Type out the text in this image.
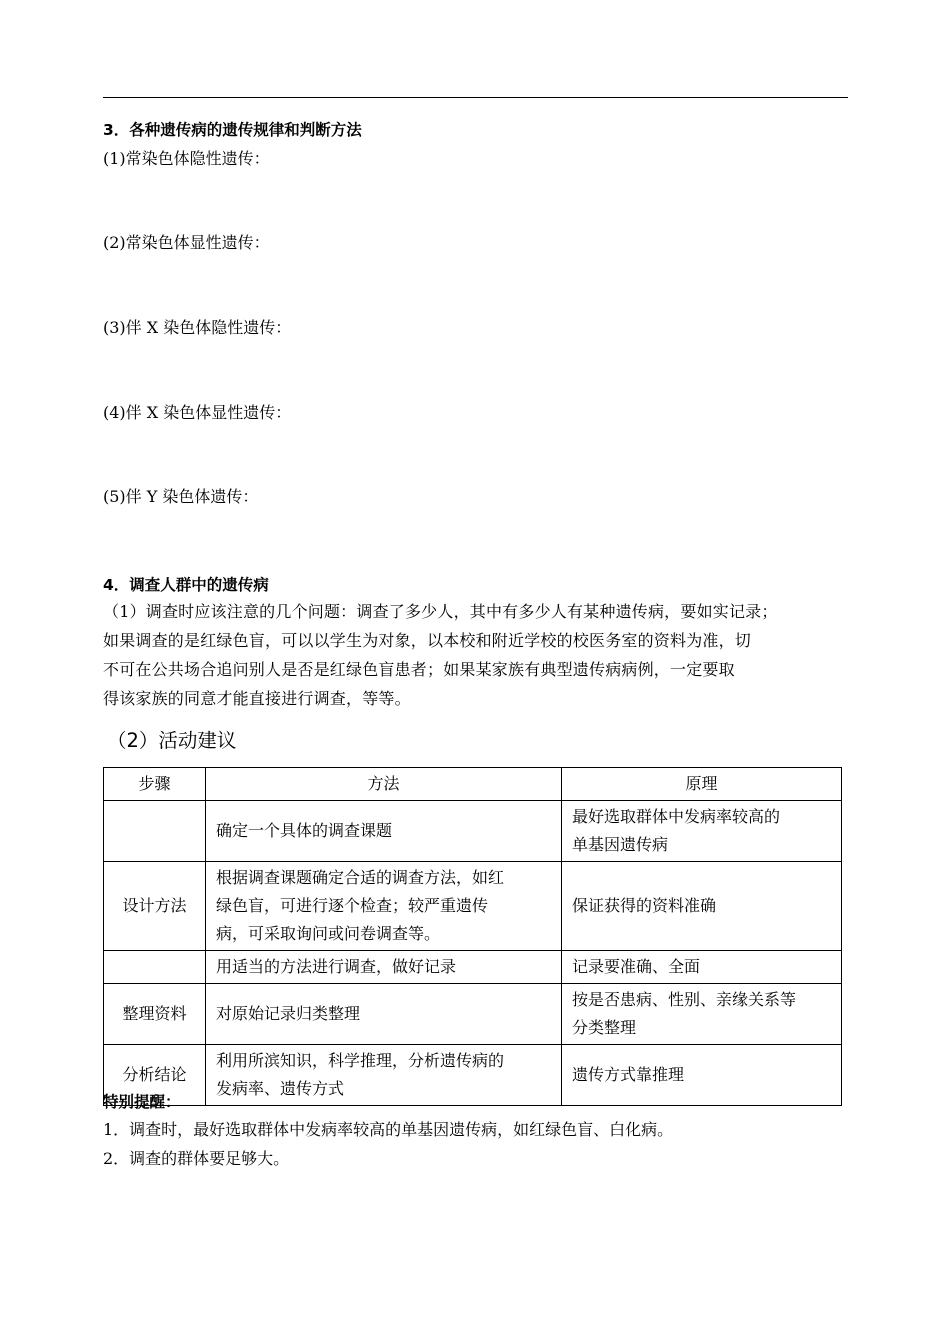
3．各种遗传病的遗传规律和判断方法
(1)常染色体隐性遗传：
(2)常染色体显性遗传：
(3)伴 X 染色体隐性遗传：
(4)伴 X 染色体显性遗传：
(5)伴 Y 染色体遗传：
4．调查人群中的遗传病
（1）调查时应该注意的几个问题：调查了多少人，其中有多少人有某种遗传病，要如实记录；
如果调查的是红绿色盲，可以以学生为对象，以本校和附近学校的校医务室的资料为准，切
不可在公共场合追问别人是否是红绿色盲患者；如果某家族有典型遗传病病例，一定要取
得该家族的同意才能直接进行调查，等等。
（2）活动建议
步骤	方法	原理

	确定一个具体的调查课题	最好选取群体中发病率较高的
单基因遗传病

设计方法	根据调查课题确定合适的调查方法，如红
绿色盲，可进行逐个检查；较严重遗传
病，可采取询问或问卷调查等。	保证获得的资料准确

	用适当的方法进行调查，做好记录	记录要准确、全面

整理资料	对原始记录归类整理	按是否患病、性别、亲缘关系等
分类整理

分析结论	利用所滨知识，科学推理，分析遗传病的
发病率、遗传方式	遗传方式靠推理
特别提醒：
1．调查时，最好选取群体中发病率较高的单基因遗传病，如红绿色盲、白化病。
2．调查的群体要足够大。
